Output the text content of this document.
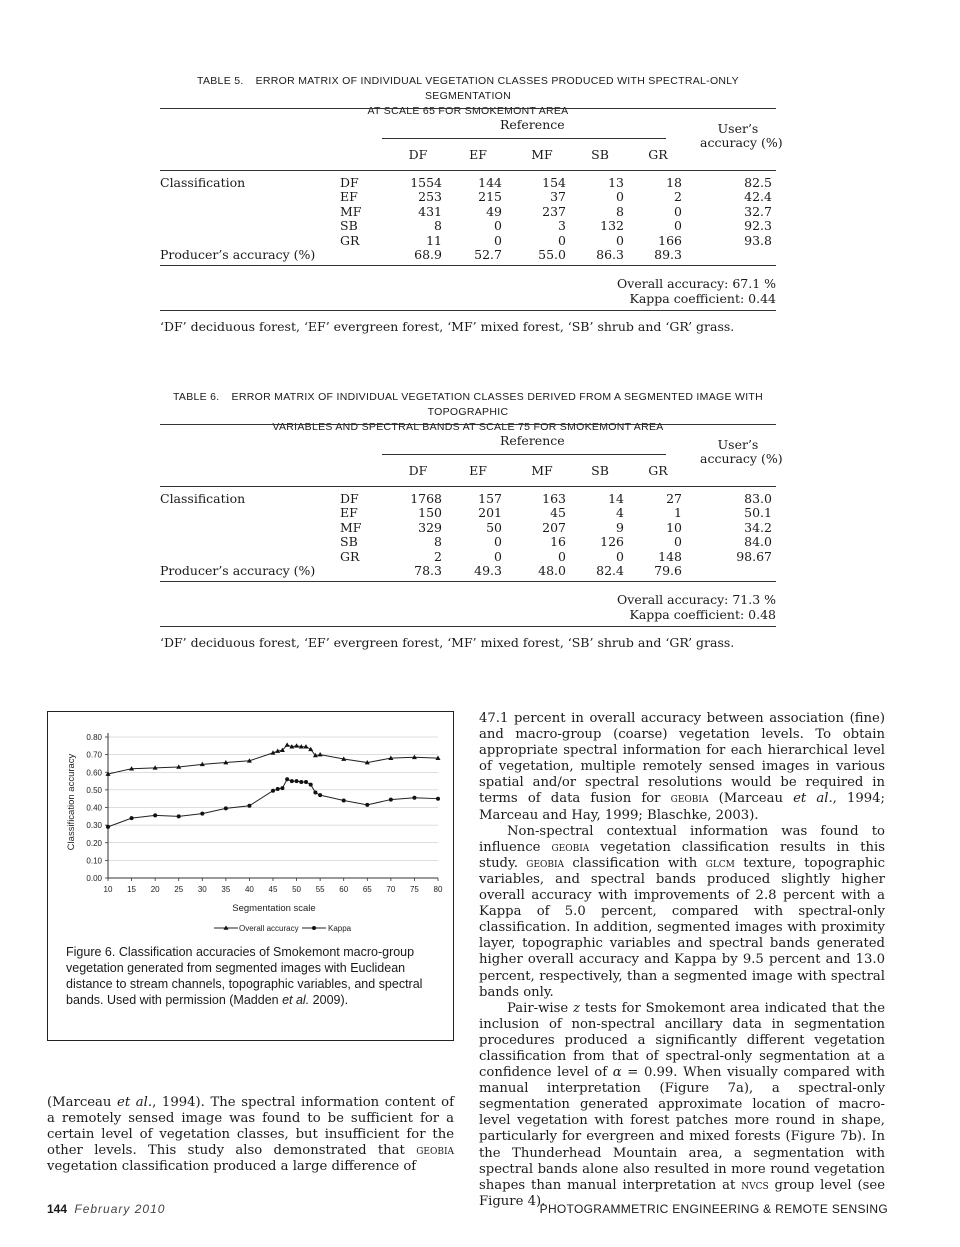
TABLE 5. ERROR MATRIX OF INDIVIDUAL VEGETATION CLASSES PRODUCED WITH SPECTRAL-ONLY SEGMENTATION
AT SCALE 65 FOR SMOKEMONT AREA
Reference	User’s
accuracy (%)
DF	EF	MF	SB	GR
Classification	DF	1554	144	154	13	18	82.5
EF	253	215	37	0	2	42.4
MF	431	49	237	8	0	32.7
SB	8	0	3	132	0	92.3
GR	11	0	0	0	166	93.8
Producer’s accuracy (%)	68.9	52.7	55.0	86.3	89.3
Overall accuracy: 67.1 %
Kappa coefficient: 0.44
‘DF’ deciduous forest, ‘EF’ evergreen forest, ‘MF’ mixed forest, ‘SB’ shrub and ‘GR’ grass.
TABLE 6. ERROR MATRIX OF INDIVIDUAL VEGETATION CLASSES DERIVED FROM A SEGMENTED IMAGE WITH TOPOGRAPHIC
VARIABLES AND SPECTRAL BANDS AT SCALE 75 FOR SMOKEMONT AREA
Reference	User’s
accuracy (%)
DF	EF	MF	SB	GR
Classification	DF	1768	157	163	14	27	83.0
EF	150	201	45	4	1	50.1
MF	329	50	207	9	10	34.2
SB	8	0	16	126	0	84.0
GR	2	0	0	0	148	98.67
Producer’s accuracy (%)	78.3	49.3	48.0	82.4	79.6
Overall accuracy: 71.3 %
Kappa coefficient: 0.48
‘DF’ deciduous forest, ‘EF’ evergreen forest, ‘MF’ mixed forest, ‘SB’ shrub and ‘GR’ grass.
0.00
0.10
0.20
0.30
0.40
0.50
0.60
0.70
0.80
10 15 20 25 30 35 40 45 50 55 60 65 70 75 80
Segmentation scale
Classification accuracy
Overall accuracy	Kappa
Figure 6. Classification accuracies of Smokemont macro-group vegetation generated from segmented images with Euclidean distance to stream channels, topographic variables, and spectral bands. Used with permission (Madden et al. 2009).

(Marceau et al., 1994). The spectral information content of a remotely sensed image was found to be sufficient for a certain level of vegetation classes, but insufficient for the other levels. This study also demonstrated that geobia vegetation classification produced a large difference of

47.1 percent in overall accuracy between association (fine) and macro-group (coarse) vegetation levels. To obtain appropriate spectral information for each hierarchical level of vegetation, multiple remotely sensed images in various spatial and/or spectral resolutions would be required in terms of data fusion for geobia (Marceau et al., 1994; Marceau and Hay, 1999; Blaschke, 2003).

Non-spectral contextual information was found to influence geobia vegetation classification results in this study. geobia classification with glcm texture, topographic variables, and spectral bands produced slightly higher overall accuracy with improvements of 2.8 percent with a Kappa of 5.0 percent, compared with spectral-only classification. In addition, segmented images with proximity layer, topographic variables and spectral bands generated higher overall accuracy and Kappa by 9.5 percent and 13.0 percent, respectively, than a segmented image with spectral bands only.

Pair-wise z tests for Smokemont area indicated that the inclusion of non-spectral ancillary data in segmentation procedures produced a significantly different vegetation classification from that of spectral-only segmentation at a confidence level of α = 0.99. When visually compared with manual interpretation (Figure 7a), a spectral-only segmentation generated approximate location of macro-level vegetation with forest patches more round in shape, particularly for evergreen and mixed forests (Figure 7b). In the Thunderhead Mountain area, a segmentation with spectral bands alone also resulted in more round vegetation shapes than manual interpretation at nvcs group level (see Figure 4).

144 February 2010	PHOTOGRAMMETRIC ENGINEERING & REMOTE SENSING
